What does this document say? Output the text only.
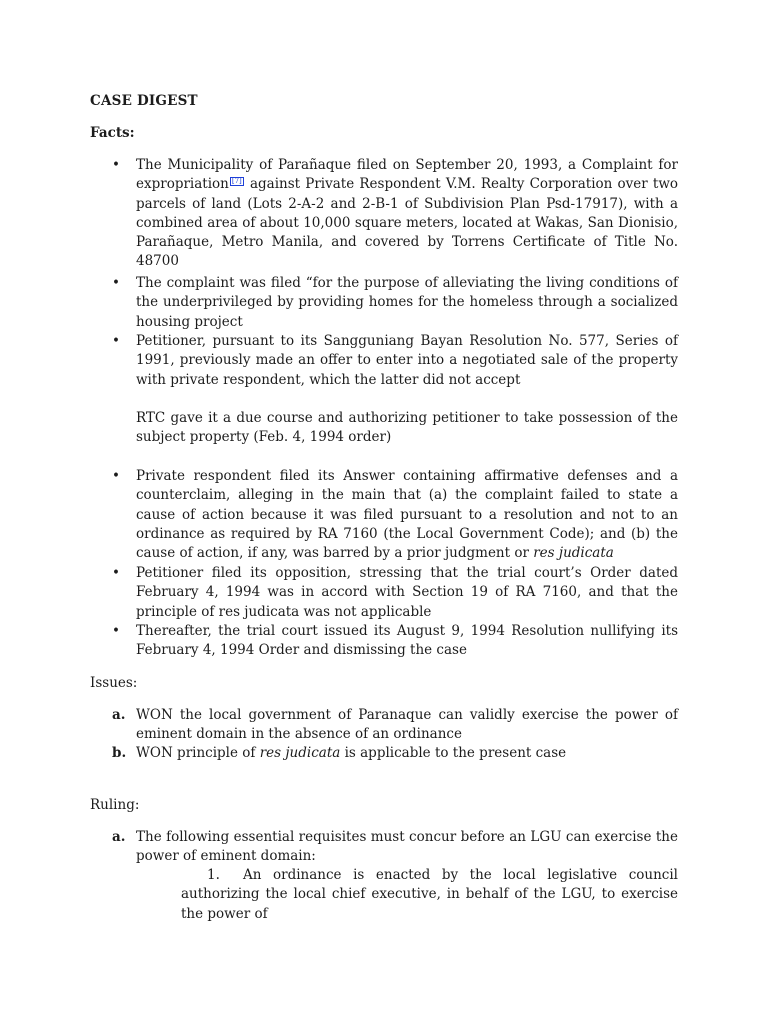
CASE DIGEST
Facts:
• The Municipality of Parañaque filed on September 20, 1993, a Complaint for expropriation [7] against Private Respondent V.M. Realty Corporation over two parcels of land (Lots 2-A-2 and 2-B-1 of Subdivision Plan Psd-17917), with a combined area of about 10,000 square meters, located at Wakas, San Dionisio, Parañaque, Metro Manila, and covered by Torrens Certificate of Title No. 48700
• The complaint was filed “for the purpose of alleviating the living conditions of the underprivileged by providing homes for the homeless through a socialized housing project
• Petitioner, pursuant to its Sangguniang Bayan Resolution No. 577, Series of 1991, previously made an offer to enter into a negotiated sale of the property with private respondent, which the latter did not accept
RTC gave it a due course and authorizing petitioner to take possession of the subject property (Feb. 4, 1994 order)
• Private respondent filed its Answer containing affirmative defenses and a counterclaim, alleging in the main that (a) the complaint failed to state a cause of action because it was filed pursuant to a resolution and not to an ordinance as required by RA 7160 (the Local Government Code); and (b) the cause of action, if any, was barred by a prior judgment or res judicata
• Petitioner filed its opposition, stressing that the trial court’s Order dated February 4, 1994 was in accord with Section 19 of RA 7160, and that the principle of res judicata was not applicable
• Thereafter, the trial court issued its August 9, 1994 Resolution nullifying its February 4, 1994 Order and dismissing the case
Issues:
a. WON the local government of Paranaque can validly exercise the power of eminent domain in the absence of an ordinance
b. WON principle of res judicata is applicable to the present case
Ruling:
a. The following essential requisites must concur before an LGU can exercise the power of eminent domain:
1. An ordinance is enacted by the local legislative council authorizing the local chief executive, in behalf of the LGU, to exercise the power of
